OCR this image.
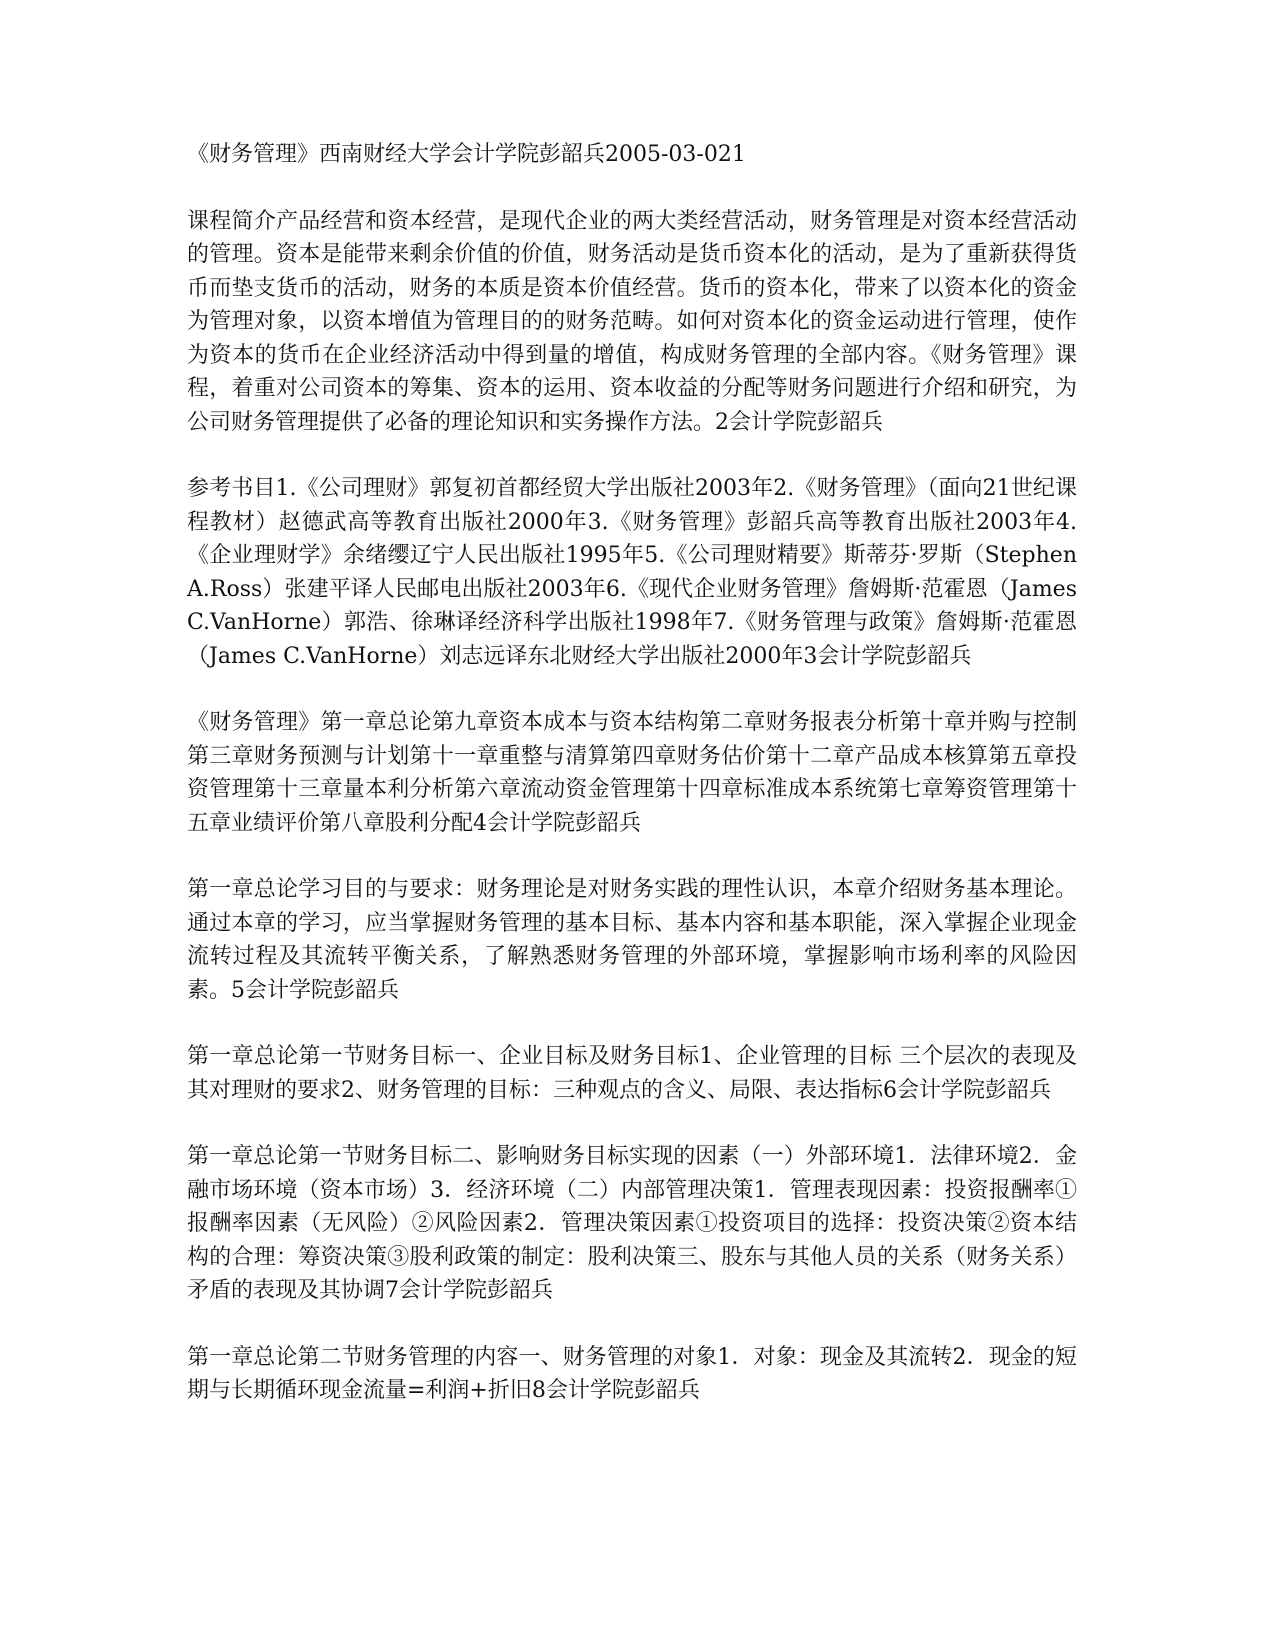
《财务管理》西南财经大学会计学院彭韶兵2005-03-021

课程简介产品经营和资本经营，是现代企业的两大类经营活动，财务管理是对资本经营活动的管理。资本是能带来剩余价值的价值，财务活动是货币资本化的活动，是为了重新获得货币而垫支货币的活动，财务的本质是资本价值经营。货币的资本化，带来了以资本化的资金为管理对象，以资本增值为管理目的的财务范畴。如何对资本化的资金运动进行管理，使作为资本的货币在企业经济活动中得到量的增值，构成财务管理的全部内容。《财务管理》课程，着重对公司资本的筹集、资本的运用、资本收益的分配等财务问题进行介绍和研究，为公司财务管理提供了必备的理论知识和实务操作方法。2会计学院彭韶兵

参考书目1.《公司理财》郭复初首都经贸大学出版社2003年2.《财务管理》（面向21世纪课程教材）赵德武高等教育出版社2000年3.《财务管理》彭韶兵高等教育出版社2003年4.《企业理财学》余绪缨辽宁人民出版社1995年5.《公司理财精要》斯蒂芬·罗斯（Stephen A.Ross）张建平译人民邮电出版社2003年6.《现代企业财务管理》詹姆斯·范霍恩（James C.VanHorne）郭浩、徐琳译经济科学出版社1998年7.《财务管理与政策》詹姆斯·范霍恩（James C.VanHorne）刘志远译东北财经大学出版社2000年3会计学院彭韶兵

《财务管理》第一章总论第九章资本成本与资本结构第二章财务报表分析第十章并购与控制第三章财务预测与计划第十一章重整与清算第四章财务估价第十二章产品成本核算第五章投资管理第十三章量本利分析第六章流动资金管理第十四章标准成本系统第七章筹资管理第十五章业绩评价第八章股利分配4会计学院彭韶兵

第一章总论学习目的与要求：财务理论是对财务实践的理性认识，本章介绍财务基本理论。通过本章的学习，应当掌握财务管理的基本目标、基本内容和基本职能，深入掌握企业现金流转过程及其流转平衡关系，了解熟悉财务管理的外部环境，掌握影响市场利率的风险因素。5会计学院彭韶兵

第一章总论第一节财务目标一、企业目标及财务目标1、企业管理的目标 三个层次的表现及其对理财的要求2、财务管理的目标：三种观点的含义、局限、表达指标6会计学院彭韶兵

第一章总论第一节财务目标二、影响财务目标实现的因素（一）外部环境1．法律环境2．金融市场环境（资本市场）3．经济环境（二）内部管理决策1．管理表现因素：投资报酬率①报酬率因素（无风险）②风险因素2．管理决策因素①投资项目的选择：投资决策②资本结构的合理：筹资决策③股利政策的制定：股利决策三、股东与其他人员的关系（财务关系）矛盾的表现及其协调7会计学院彭韶兵

第一章总论第二节财务管理的内容一、财务管理的对象1．对象：现金及其流转2．现金的短期与长期循环现金流量=利润+折旧8会计学院彭韶兵
